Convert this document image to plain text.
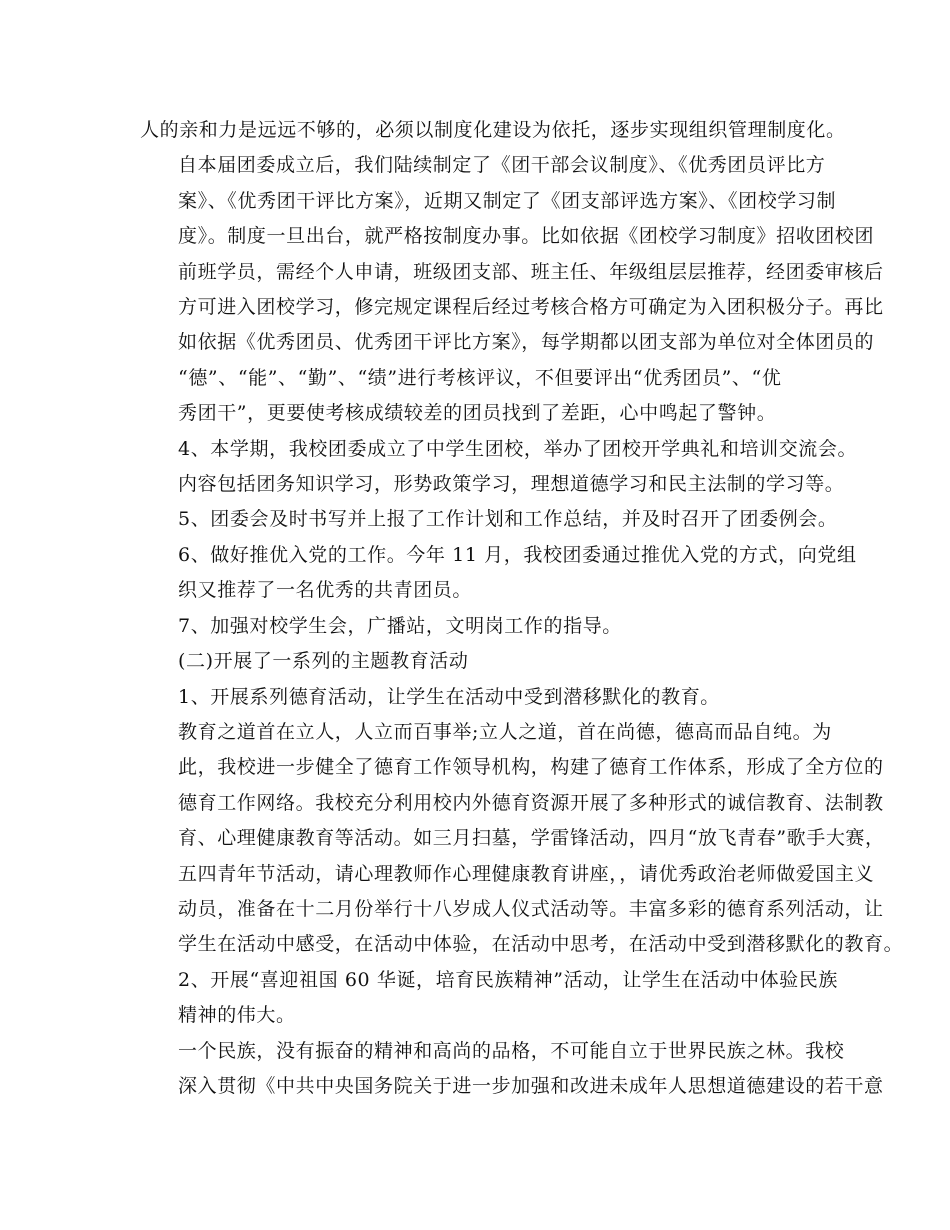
人的亲和力是远远不够的，必须以制度化建设为依托，逐步实现组织管理制度化。
自本届团委成立后，我们陆续制定了《团干部会议制度》、《优秀团员评比方
案》、《优秀团干评比方案》，近期又制定了《团支部评选方案》、《团校学习制
度》。制度一旦出台，就严格按制度办事。比如依据《团校学习制度》招收团校团
前班学员，需经个人申请，班级团支部、班主任、年级组层层推荐，经团委审核后
方可进入团校学习，修完规定课程后经过考核合格方可确定为入团积极分子。再比
如依据《优秀团员、优秀团干评比方案》，每学期都以团支部为单位对全体团员的
“德”、“能”、“勤”、“绩”进行考核评议，不但要评出“优秀团员”、“优
秀团干”，更要使考核成绩较差的团员找到了差距，心中鸣起了警钟。
4、本学期，我校团委成立了中学生团校，举办了团校开学典礼和培训交流会。
内容包括团务知识学习，形势政策学习，理想道德学习和民主法制的学习等。
5、团委会及时书写并上报了工作计划和工作总结，并及时召开了团委例会。
6、做好推优入党的工作。今年 11 月，我校团委通过推优入党的方式，向党组
织又推荐了一名优秀的共青团员。
7、加强对校学生会，广播站，文明岗工作的指导。
(二)开展了一系列的主题教育活动
1、开展系列德育活动，让学生在活动中受到潜移默化的教育。
教育之道首在立人，人立而百事举;立人之道，首在尚德，德高而品自纯。为
此，我校进一步健全了德育工作领导机构，构建了德育工作体系，形成了全方位的
德育工作网络。我校充分利用校内外德育资源开展了多种形式的诚信教育、法制教
育、心理健康教育等活动。如三月扫墓，学雷锋活动，四月“放飞青春”歌手大赛，
五四青年节活动，请心理教师作心理健康教育讲座，，请优秀政治老师做爱国主义
动员，准备在十二月份举行十八岁成人仪式活动等。丰富多彩的德育系列活动，让
学生在活动中感受，在活动中体验，在活动中思考，在活动中受到潜移默化的教育。
2、开展“喜迎祖国 60 华诞，培育民族精神”活动，让学生在活动中体验民族
精神的伟大。
一个民族，没有振奋的精神和高尚的品格，不可能自立于世界民族之林。我校
深入贯彻《中共中央国务院关于进一步加强和改进未成年人思想道德建设的若干意
